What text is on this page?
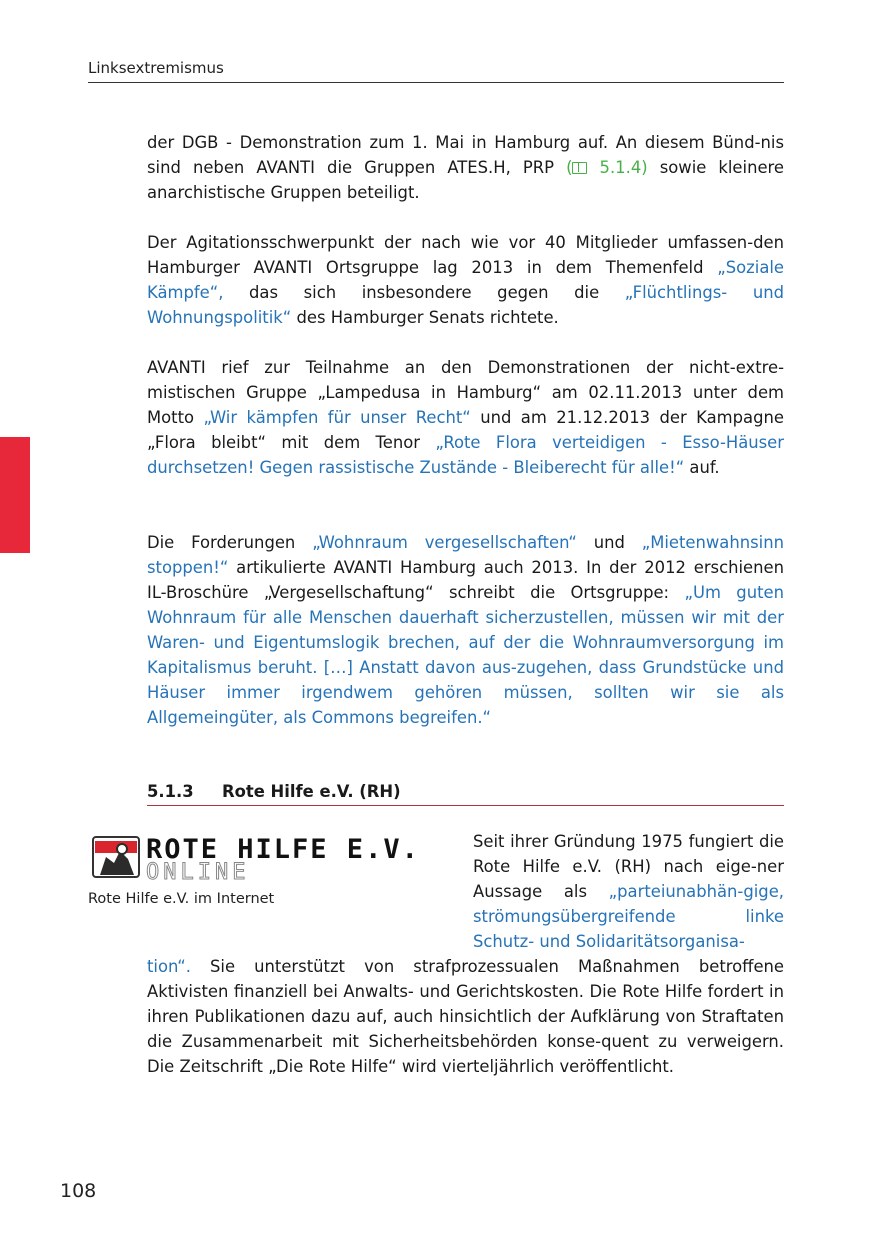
Linksextremismus

der DGB - Demonstration zum 1. Mai in Hamburg auf. An diesem Bünd-nis sind neben AVANTI die Gruppen ATES.H, PRP ( 5.1.4) sowie kleinere anarchistische Gruppen beteiligt.

Der Agitationsschwerpunkt der nach wie vor 40 Mitglieder umfassen-den Hamburger AVANTI Ortsgruppe lag 2013 in dem Themenfeld „Soziale Kämpfe“, das sich insbesondere gegen die „Flüchtlings- und Wohnungspolitik“ des Hamburger Senats richtete.

AVANTI rief zur Teilnahme an den Demonstrationen der nicht-extre-mistischen Gruppe „Lampedusa in Hamburg“ am 02.11.2013 unter dem Motto „Wir kämpfen für unser Recht“ und am 21.12.2013 der Kampagne „Flora bleibt“ mit dem Tenor „Rote Flora verteidigen - Esso-Häuser durchsetzen! Gegen rassistische Zustände - Bleiberecht für alle!“ auf.

Die Forderungen „Wohnraum vergesellschaften“ und „Mietenwahnsinn stoppen!“ artikulierte AVANTI Hamburg auch 2013. In der 2012 erschienen IL-Broschüre „Vergesellschaftung“ schreibt die Ortsgruppe: „Um guten Wohnraum für alle Menschen dauerhaft sicherzustellen, müssen wir mit der Waren- und Eigentumslogik brechen, auf der die Wohnraumversorgung im Kapitalismus beruht. […] Anstatt davon aus-zugehen, dass Grundstücke und Häuser immer irgendwem gehören müssen, sollten wir sie als Allgemeingüter, als Commons begreifen.“

5.1.3 Rote Hilfe e.V. (RH)
ROTE HILFE E.V.
ONLINE
Rote Hilfe e.V. im Internet

Seit ihrer Gründung 1975 fungiert die Rote Hilfe e.V. (RH) nach eige-ner Aussage als „parteiunabhän-gige, strömungsübergreifende linke Schutz- und Solidaritätsorganisa-

tion“. Sie unterstützt von strafprozessualen Maßnahmen betroffene Aktivisten finanziell bei Anwalts- und Gerichtskosten. Die Rote Hilfe fordert in ihren Publikationen dazu auf, auch hinsichtlich der Aufklärung von Straftaten die Zusammenarbeit mit Sicherheitsbehörden konse-quent zu verweigern. Die Zeitschrift „Die Rote Hilfe“ wird vierteljährlich veröffentlicht.

108
